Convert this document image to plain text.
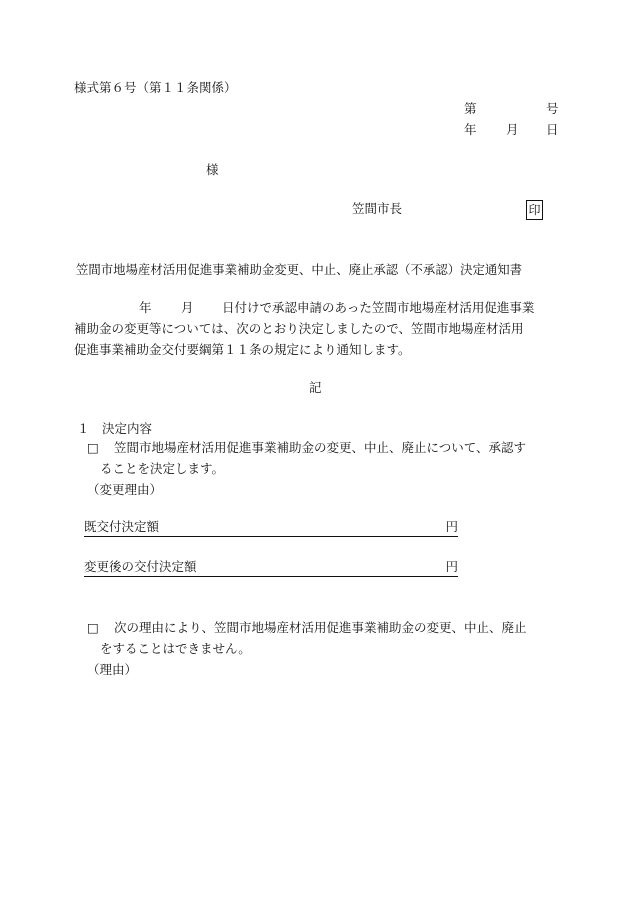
様式第６号（第１１条関係）
第	号
年 月 日
様
笠間市長	印
笠間市地場産材活用促進事業補助金変更、中止、廃止承認（不承認）決定通知書
年 月 日付けで承認申請のあった笠間市地場産材活用促進事業
補助金の変更等については、次のとおり決定しましたので、笠間市地場産材活用
促進事業補助金交付要綱第１１条の規定により通知します。
記
１　決定内容
□ 笠間市地場産材活用促進事業補助金の変更、中止、廃止について、承認す
ることを決定します。
（変更理由）
既交付決定額	円
変更後の交付決定額	円
□ 次の理由により、笠間市地場産材活用促進事業補助金の変更、中止、廃止
をすることはできません。
（理由）
